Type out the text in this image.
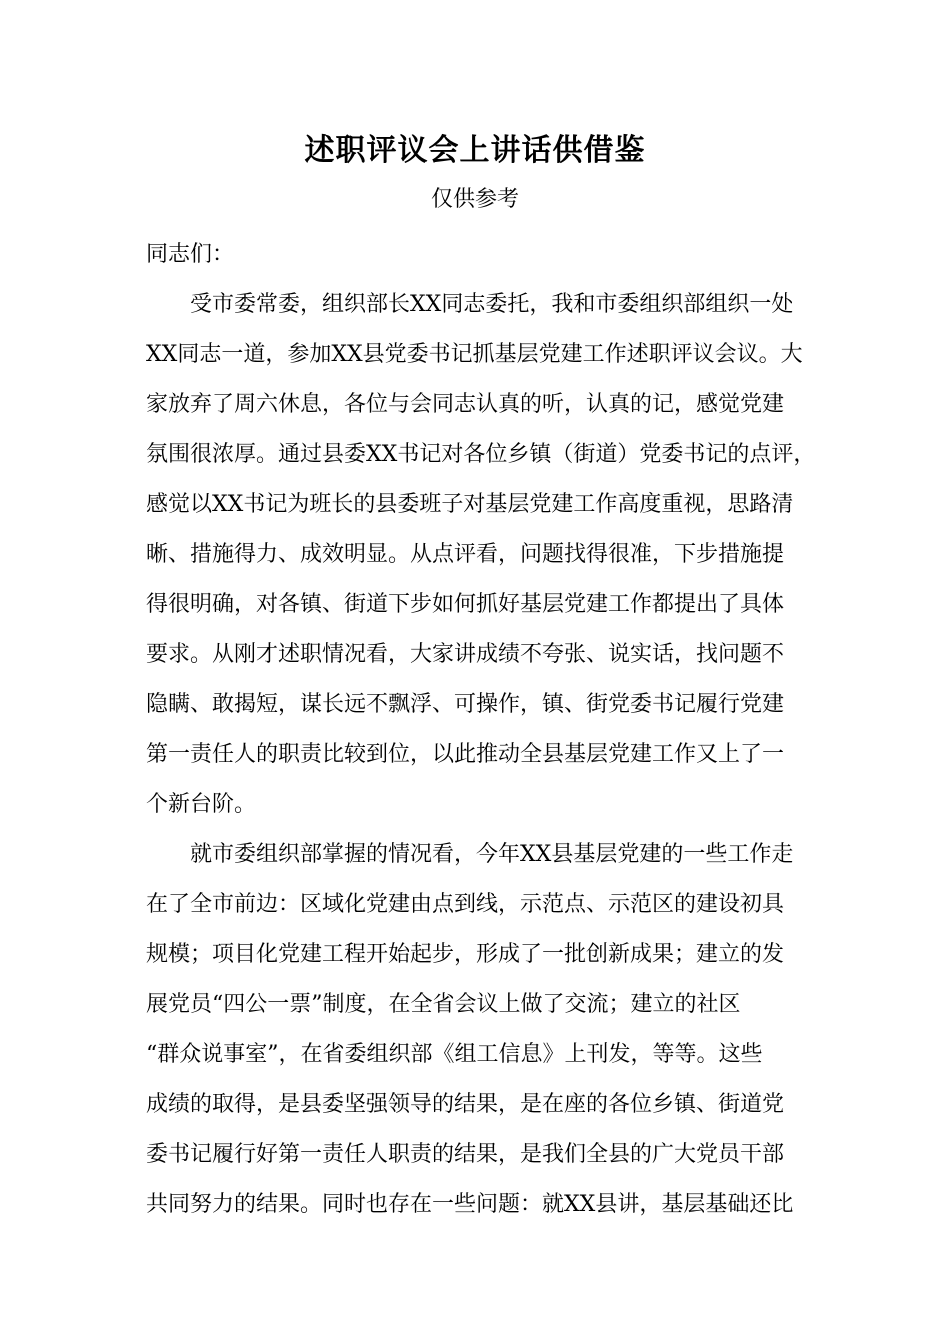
述职评议会上讲话供借鉴
仅供参考
同志们：
受市委常委，组织部长XX同志委托，我和市委组织部组织一处
XX同志一道，参加XX县党委书记抓基层党建工作述职评议会议。大
家放弃了周六休息，各位与会同志认真的听，认真的记，感觉党建
氛围很浓厚。通过县委XX书记对各位乡镇（街道）党委书记的点评，
感觉以XX书记为班长的县委班子对基层党建工作高度重视，思路清
晰、措施得力、成效明显。从点评看，问题找得很准，下步措施提
得很明确，对各镇、街道下步如何抓好基层党建工作都提出了具体
要求。从刚才述职情况看，大家讲成绩不夸张、说实话，找问题不
隐瞒、敢揭短，谋长远不飘浮、可操作，镇、街党委书记履行党建
第一责任人的职责比较到位，以此推动全县基层党建工作又上了一
个新台阶。
就市委组织部掌握的情况看，今年XX县基层党建的一些工作走
在了全市前边：区域化党建由点到线，示范点、示范区的建设初具
规模；项目化党建工程开始起步，形成了一批创新成果；建立的发
展党员“四公一票”制度，在全省会议上做了交流；建立的社区
“群众说事室”，在省委组织部《组工信息》上刊发，等等。这些
成绩的取得，是县委坚强领导的结果，是在座的各位乡镇、街道党
委书记履行好第一责任人职责的结果，是我们全县的广大党员干部
共同努力的结果。同时也存在一些问题：就XX县讲，基层基础还比
